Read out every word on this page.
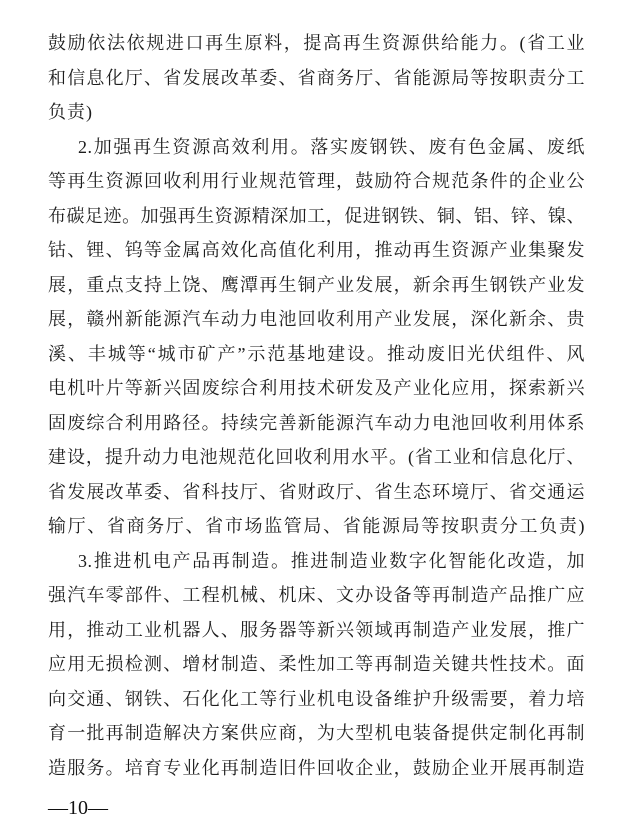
鼓励依法依规进口再生原料，提高再生资源供给能力。(省工业
和信息化厅、省发展改革委、省商务厅、省能源局等按职责分工
负责)
2.加强再生资源高效利用。落实废钢铁、废有色金属、废纸
等再生资源回收利用行业规范管理，鼓励符合规范条件的企业公
布碳足迹。加强再生资源精深加工，促进钢铁、铜、铝、锌、镍、
钴、锂、钨等金属高效化高值化利用，推动再生资源产业集聚发
展，重点支持上饶、鹰潭再生铜产业发展，新余再生钢铁产业发
展，赣州新能源汽车动力电池回收利用产业发展，深化新余、贵
溪、丰城等“城市矿产”示范基地建设。推动废旧光伏组件、风
电机叶片等新兴固废综合利用技术研发及产业化应用，探索新兴
固废综合利用路径。持续完善新能源汽车动力电池回收利用体系
建设，提升动力电池规范化回收利用水平。(省工业和信息化厅、
省发展改革委、省科技厅、省财政厅、省生态环境厅、省交通运
输厅、省商务厅、省市场监管局、省能源局等按职责分工负责)
3.推进机电产品再制造。推进制造业数字化智能化改造，加
强汽车零部件、工程机械、机床、文办设备等再制造产品推广应
用，推动工业机器人、服务器等新兴领域再制造产业发展，推广
应用无损检测、增材制造、柔性加工等再制造关键共性技术。面
向交通、钢铁、石化化工等行业机电设备维护升级需要，着力培
育一批再制造解决方案供应商，为大型机电装备提供定制化再制
造服务。培育专业化再制造旧件回收企业，鼓励企业开展再制造
—10—
